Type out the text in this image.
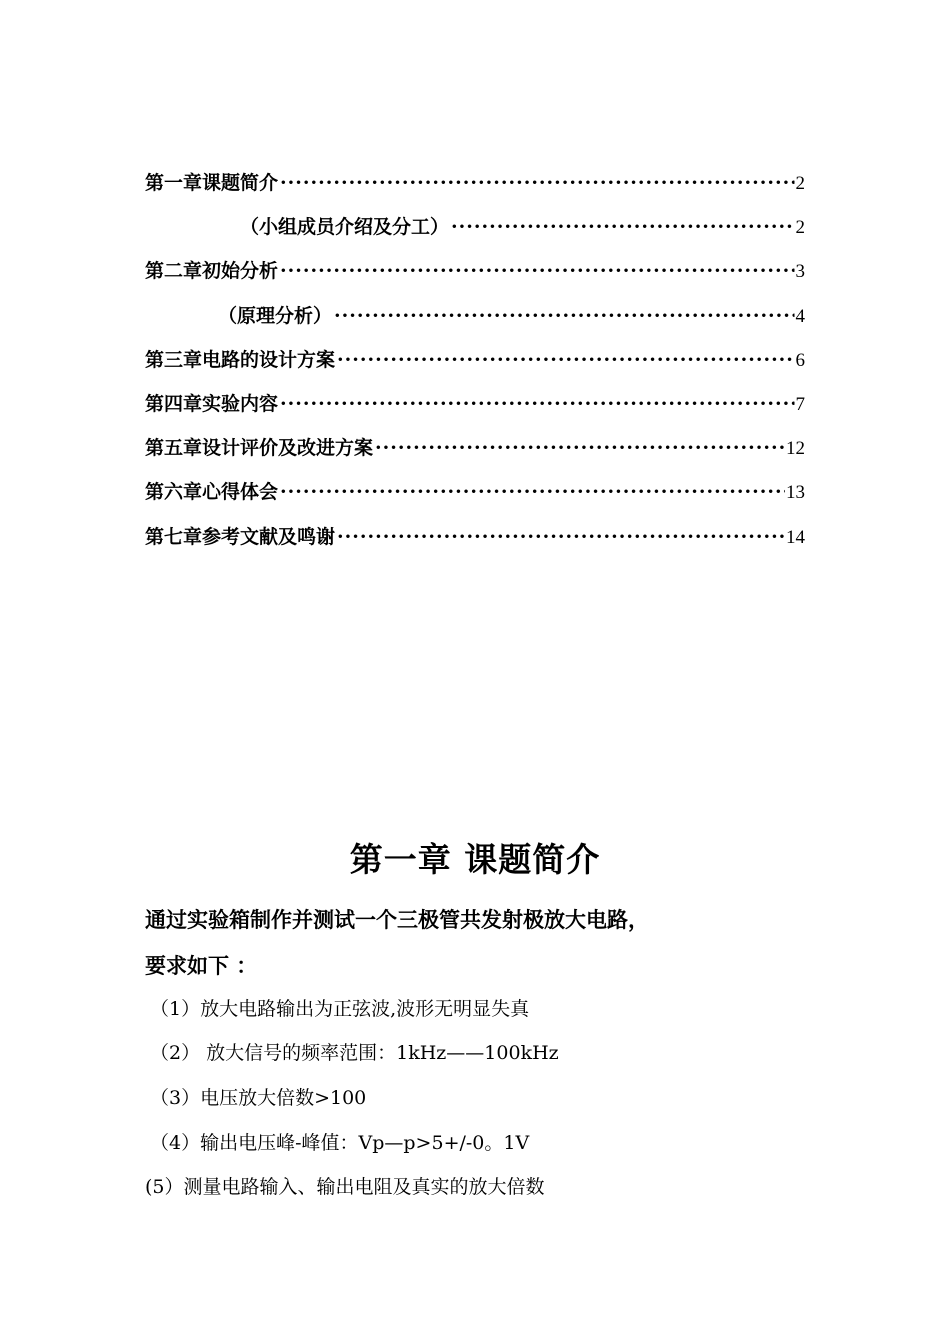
第一章 课题简介 ·····	2
（小组成员介绍及分工） ·····	2
第二章 初始分析 ·····	3
（原理分析） ·····	4
第三章 电路的设计方案 ·····	6
第四章 实验内容 ·····	7
第五章 设计评价及改进方案 ·····	12
第六章 心得体会 ·····	13
第七章 参考文献及鸣谢 ·····	14
第一章 课题简介
通过实验箱制作并测试一个三极管共发射极放大电路，
要求如下 ：
（1）放大电路输出为正弦波,波形无明显失真
（2） 放大信号的频率范围：1kHz——100kHz
（3）电压放大倍数>100
（4）输出电压峰-峰值：Vp—p>5+/-0。1V
(5）测量电路输入、输出电阻及真实的放大倍数
